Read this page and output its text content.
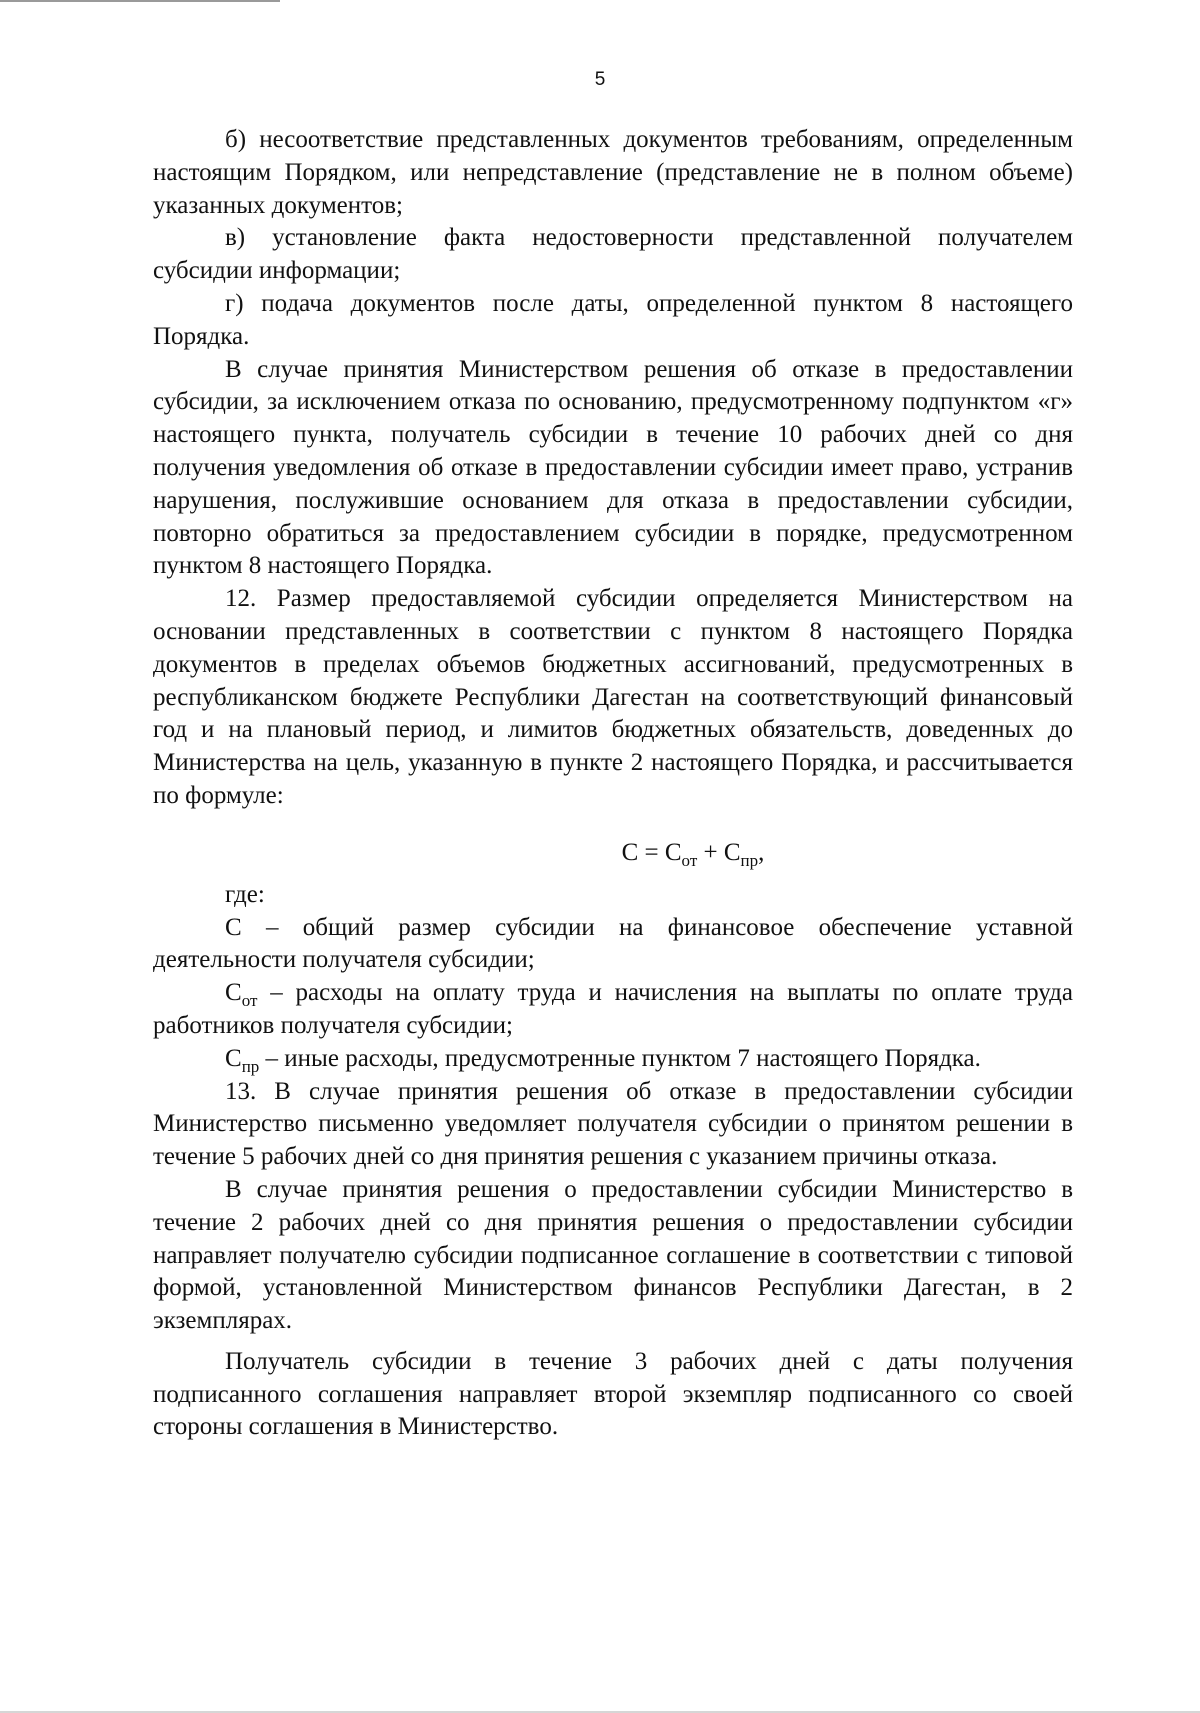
5

б) несоответствие представленных документов требованиям, определенным настоящим Порядком, или непредставление (представление не в полном объеме) указанных документов;

в) установление факта недостоверности представленной получателем субсидии информации;

г) подача документов после даты, определенной пунктом 8 настоящего Порядка.

В случае принятия Министерством решения об отказе в предоставлении субсидии, за исключением отказа по основанию, предусмотренному подпунктом «г» настоящего пункта, получатель субсидии в течение 10 рабочих дней со дня получения уведомления об отказе в предоставлении субсидии имеет право, устранив нарушения, послужившие основанием для отказа в предоставлении субсидии, повторно обратиться за предоставлением субсидии в порядке, предусмотренном пунктом 8 настоящего Порядка.

12. Размер предоставляемой субсидии определяется Министерством на основании представленных в соответствии с пунктом 8 настоящего Порядка документов в пределах объемов бюджетных ассигнований, предусмотренных в республиканском бюджете Республики Дагестан на соответствующий финансовый год и на плановый период, и лимитов бюджетных обязательств, доведенных до Министерства на цель, указанную в пункте 2 настоящего Порядка, и рассчитывается по формуле:

$С = С_{от} + С_{пр}$,

где:

С – общий размер субсидии на финансовое обеспечение уставной деятельности получателя субсидии;

$С_{от}$ – расходы на оплату труда и начисления на выплаты по оплате труда работников получателя субсидии;

$С_{пр}$ – иные расходы, предусмотренные пунктом 7 настоящего Порядка.

13. В случае принятия решения об отказе в предоставлении субсидии Министерство письменно уведомляет получателя субсидии о принятом решении в течение 5 рабочих дней со дня принятия решения с указанием причины отказа.

В случае принятия решения о предоставлении субсидии Министерство в течение 2 рабочих дней со дня принятия решения о предоставлении субсидии направляет получателю субсидии подписанное соглашение в соответствии с типовой формой, установленной Министерством финансов Республики Дагестан, в 2 экземплярах.

Получатель субсидии в течение 3 рабочих дней с даты получения подписанного соглашения направляет второй экземпляр подписанного со своей стороны соглашения в Министерство.
